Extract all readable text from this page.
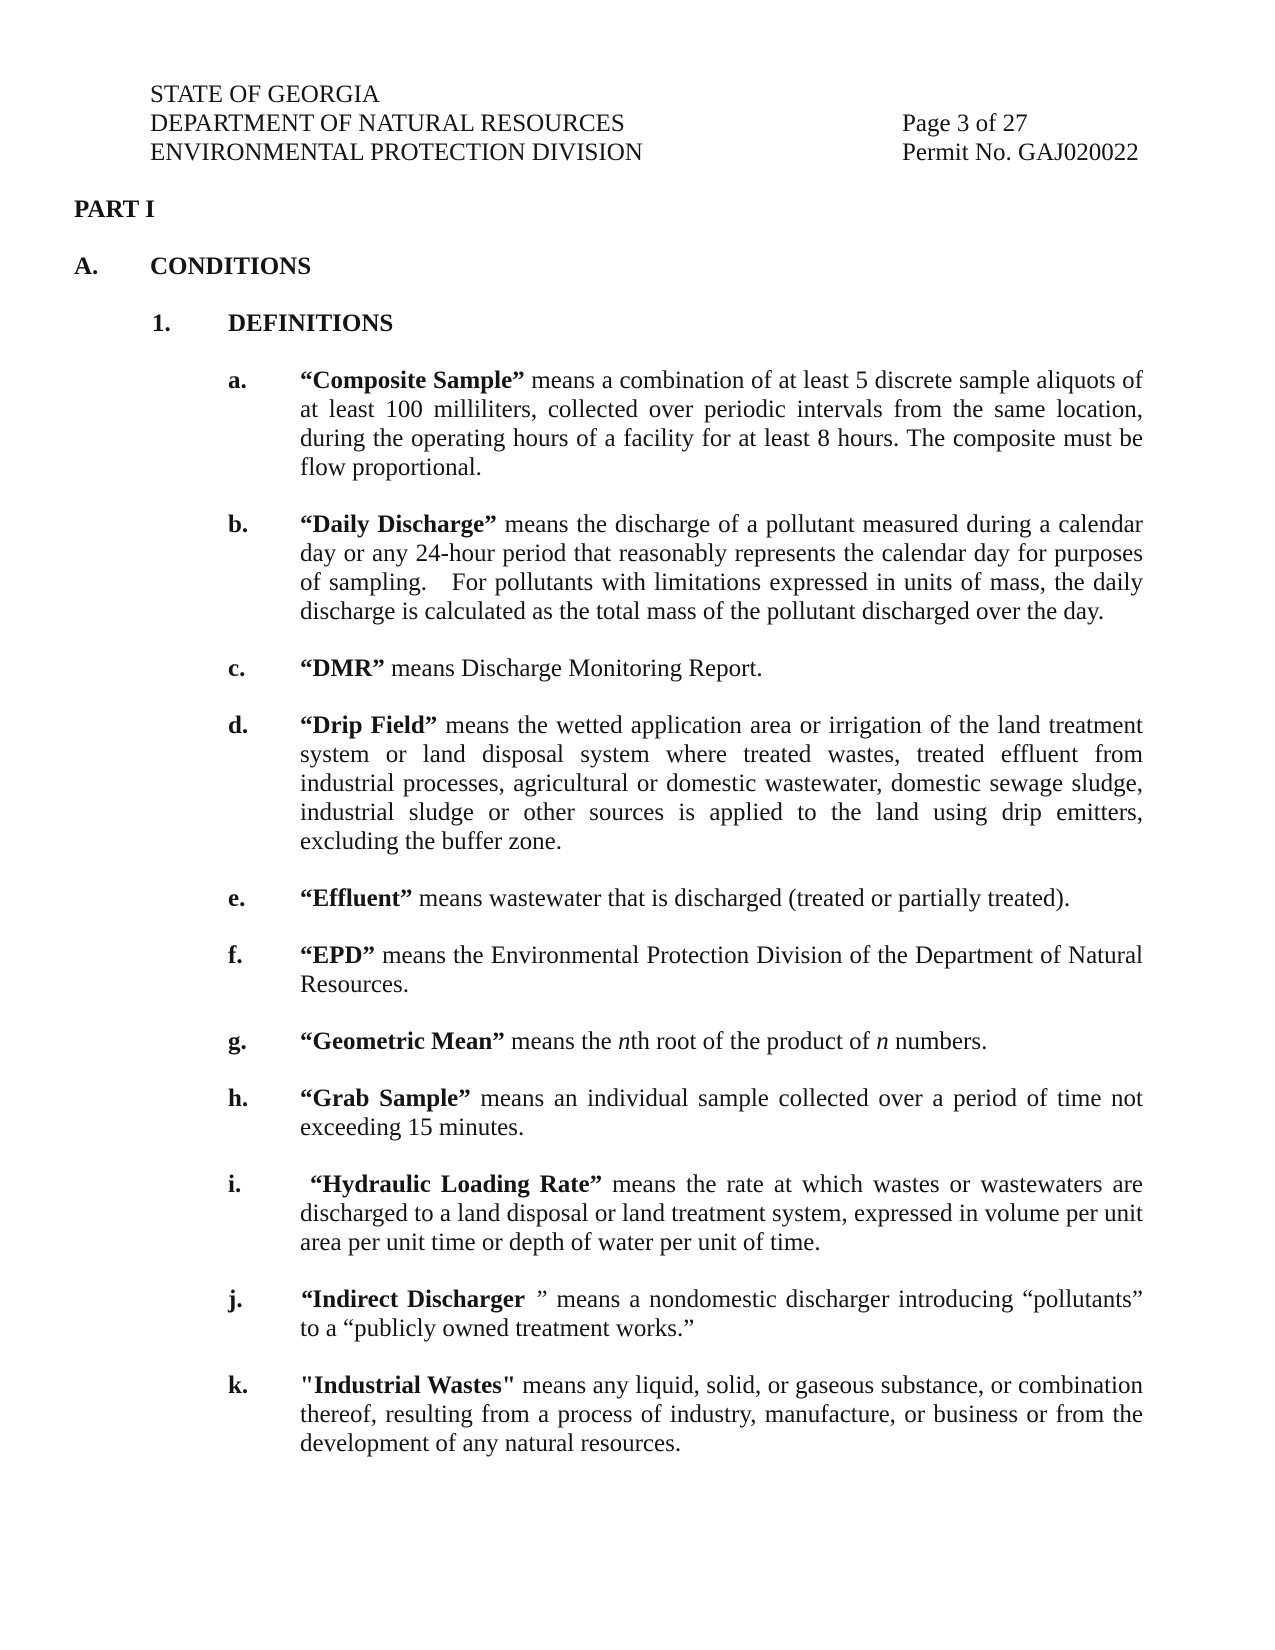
STATE OF GEORGIA
DEPARTMENT OF NATURAL RESOURCES
ENVIRONMENTAL PROTECTION DIVISION
Page 3 of 27
Permit No. GAJ020022
PART I
A.	CONDITIONS
1.	DEFINITIONS
a.	“Composite Sample” means a combination of at least 5 discrete sample aliquots of at least 100 milliliters, collected over periodic intervals from the same location, during the operating hours of a facility for at least 8 hours. The composite must be flow proportional.
b.	“Daily Discharge” means the discharge of a pollutant measured during a calendar day or any 24-hour period that reasonably represents the calendar day for purposes of sampling.   For pollutants with limitations expressed in units of mass, the daily discharge is calculated as the total mass of the pollutant discharged over the day.
c.	“DMR” means Discharge Monitoring Report.
d.	“Drip Field” means the wetted application area or irrigation of the land treatment system or land disposal system where treated wastes, treated effluent from industrial processes, agricultural or domestic wastewater, domestic sewage sludge, industrial sludge or other sources is applied to the land using drip emitters, excluding the buffer zone.
e.	“Effluent” means wastewater that is discharged (treated or partially treated).
f.	“EPD” means the Environmental Protection Division of the Department of Natural Resources.
g.	“Geometric Mean” means the nth root of the product of n numbers.
h.	“Grab Sample” means an individual sample collected over a period of time not exceeding 15 minutes.
i.	“Hydraulic Loading Rate” means the rate at which wastes or wastewaters are discharged to a land disposal or land treatment system, expressed in volume per unit area per unit time or depth of water per unit of time.
j.	“Indirect Discharger ” means a nondomestic discharger introducing “pollutants” to a “publicly owned treatment works.”
k.	"Industrial Wastes" means any liquid, solid, or gaseous substance, or combination thereof, resulting from a process of industry, manufacture, or business or from the development of any natural resources.
